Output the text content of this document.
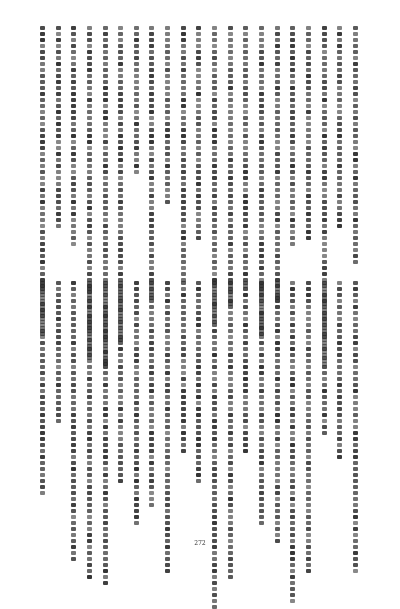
272
